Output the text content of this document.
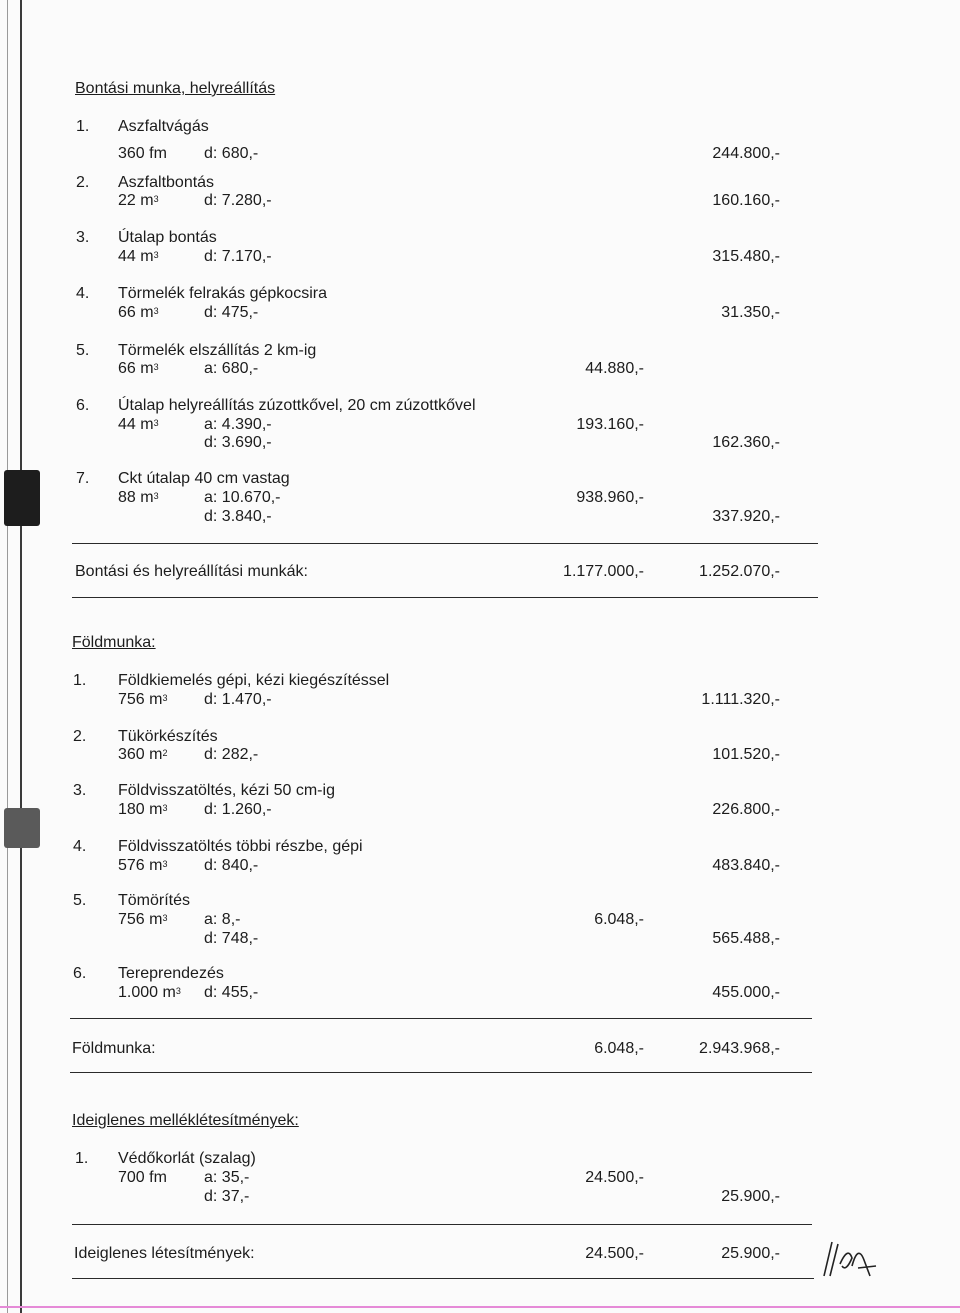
Bontási munka, helyreállítás
1. Aszfaltvágás
360 fm d: 680,-	244.800,-
2. Aszfaltbontás
22 $m^3$	d: 7.280,-	160.160,-
3. Útalap bontás
44 $m^3$	d: 7.170,-	315.480,-
4. Törmelék felrakás gépkocsira
66 $m^3$	d: 475,-	31.350,-
5. Törmelék elszállítás 2 km-ig
66 $m^3$	a: 680,-	44.880,-
6. Útalap helyreállítás zúzottkővel, 20 cm zúzottkővel
44 $m^3$	a: 4.390,-	193.160,-
d: 3.690,-	162.360,-
7. Ckt útalap 40 cm vastag
88 $m^3$	a: 10.670,-	938.960,-
d: 3.840,-	337.920,-
Bontási és helyreállítási munkák:	1.177.000,-	1.252.070,-
Földmunka:
1. Földkiemelés gépi, kézi kiegészítéssel
756 $m^3$ d: 1.470,-	1.111.320,-
2. Tükörkészítés
360 $m^2$ d: 282,-	101.520,-
3. Földvisszatöltés, kézi 50 cm-ig
180 $m^3$ d: 1.260,-	226.800,-
4. Földvisszatöltés többi részbe, gépi
576 $m^3$ d: 840,-	483.840,-
5. Tömörítés
756 $m^3$ a: 8,-	6.048,-
d: 748,-	565.488,-
6. Tereprendezés
1.000 $m^3$ d: 455,-	455.000,-
Földmunka:	6.048,-	2.943.968,-
Ideiglenes melléklétesítmények:
1. Védőkorlát (szalag)
700 fm a: 35,-	24.500,-
d: 37,-	25.900,-
Ideiglenes létesítmények:	24.500,-	25.900,-
